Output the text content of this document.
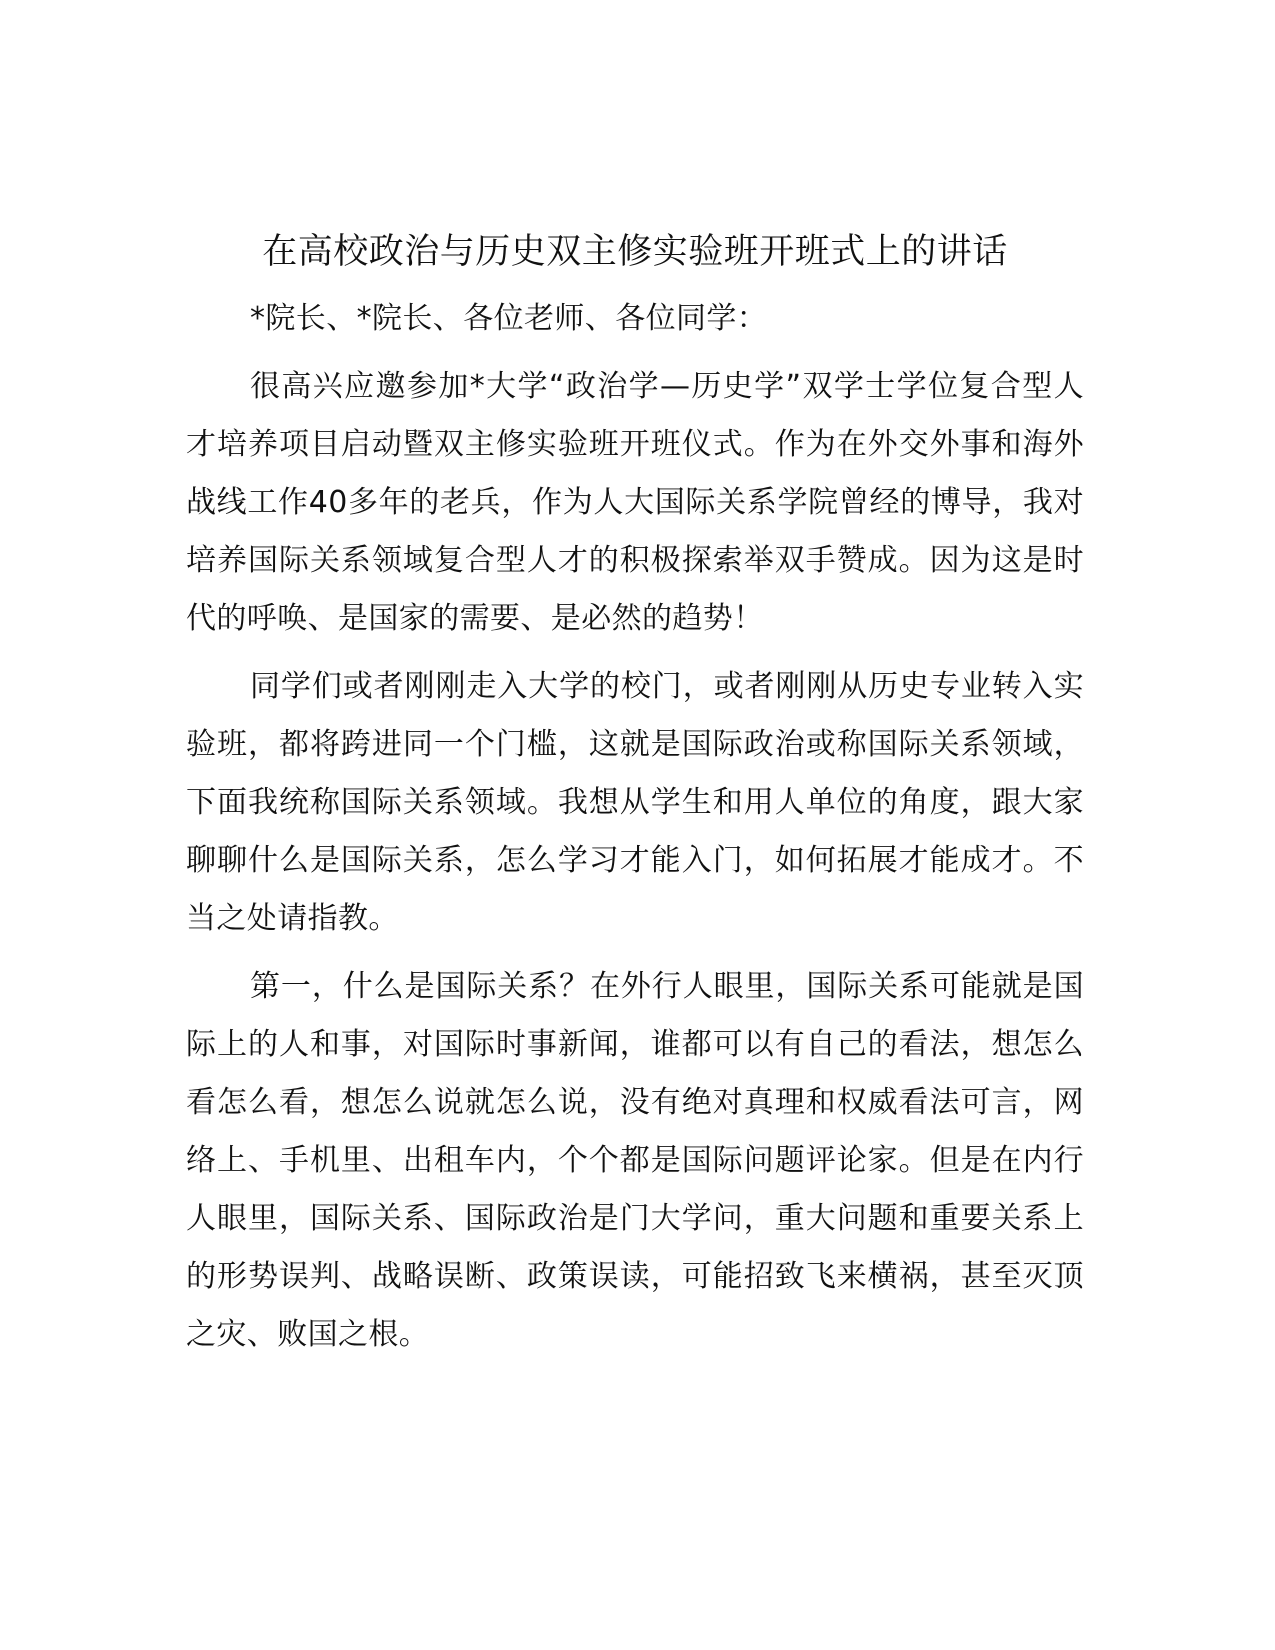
在高校政治与历史双主修实验班开班式上的讲话

*院长、*院长、各位老师、各位同学：

很高兴应邀参加*大学“政治学—历史学”双学士学位复合型人才培养项目启动暨双主修实验班开班仪式。作为在外交外事和海外战线工作40多年的老兵，作为人大国际关系学院曾经的博导，我对培养国际关系领域复合型人才的积极探索举双手赞成。因为这是时代的呼唤、是国家的需要、是必然的趋势！

同学们或者刚刚走入大学的校门，或者刚刚从历史专业转入实验班，都将跨进同一个门槛，这就是国际政治或称国际关系领域，下面我统称国际关系领域。我想从学生和用人单位的角度，跟大家聊聊什么是国际关系，怎么学习才能入门，如何拓展才能成才。不当之处请指教。

第一，什么是国际关系？在外行人眼里，国际关系可能就是国际上的人和事，对国际时事新闻，谁都可以有自己的看法，想怎么看怎么看，想怎么说就怎么说，没有绝对真理和权威看法可言，网络上、手机里、出租车内，个个都是国际问题评论家。但是在内行人眼里，国际关系、国际政治是门大学问，重大问题和重要关系上的形势误判、战略误断、政策误读，可能招致飞来横祸，甚至灭顶之灾、败国之根。
